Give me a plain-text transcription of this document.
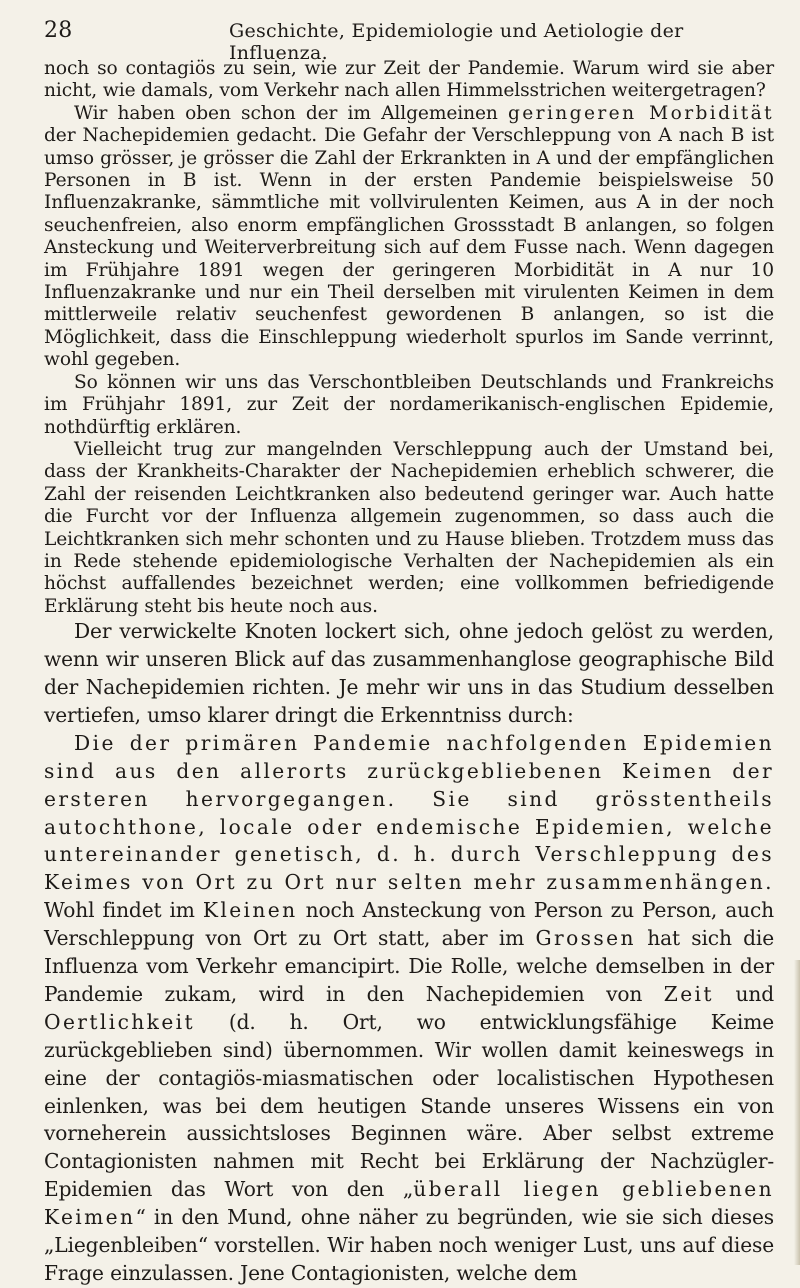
28	Geschichte, Epidemiologie und Aetiologie der Influenza.

noch so contagiös zu sein, wie zur Zeit der Pandemie. Warum wird sie aber nicht, wie damals, vom Verkehr nach allen Himmelsstrichen weitergetragen?

Wir haben oben schon der im Allgemeinen geringeren Morbidität der Nachepidemien gedacht. Die Gefahr der Verschleppung von A nach B ist umso grösser, je grösser die Zahl der Erkrankten in A und der empfänglichen Personen in B ist. Wenn in der ersten Pandemie beispielsweise 50 Influenzakranke, sämmtliche mit vollvirulenten Keimen, aus A in der noch seuchenfreien, also enorm empfänglichen Grossstadt B anlangen, so folgen Ansteckung und Weiterverbreitung sich auf dem Fusse nach. Wenn dagegen im Frühjahre 1891 wegen der geringeren Morbidität in A nur 10 Influenzakranke und nur ein Theil derselben mit virulenten Keimen in dem mittlerweile relativ seuchenfest gewordenen B anlangen, so ist die Möglichkeit, dass die Einschleppung wiederholt spurlos im Sande verrinnt, wohl gegeben.

So können wir uns das Verschontbleiben Deutschlands und Frankreichs im Frühjahr 1891, zur Zeit der nordamerikanisch-englischen Epidemie, nothdürftig erklären.

Vielleicht trug zur mangelnden Verschleppung auch der Umstand bei, dass der Krankheits-Charakter der Nachepidemien erheblich schwerer, die Zahl der reisenden Leichtkranken also bedeutend geringer war. Auch hatte die Furcht vor der Influenza allgemein zugenommen, so dass auch die Leichtkranken sich mehr schonten und zu Hause blieben. Trotzdem muss das in Rede stehende epidemiologische Verhalten der Nachepidemien als ein höchst auffallendes bezeichnet werden; eine vollkommen befriedigende Erklärung steht bis heute noch aus.

Der verwickelte Knoten lockert sich, ohne jedoch gelöst zu werden, wenn wir unseren Blick auf das zusammenhanglose geographische Bild der Nachepidemien richten. Je mehr wir uns in das Studium desselben vertiefen, umso klarer dringt die Erkenntniss durch:

Die der primären Pandemie nachfolgenden Epidemien sind aus den allerorts zurückgebliebenen Keimen der ersteren hervorgegangen. Sie sind grösstentheils autochthone, locale oder endemische Epidemien, welche untereinander genetisch, d. h. durch Verschleppung des Keimes von Ort zu Ort nur selten mehr zusammenhängen. Wohl findet im Kleinen noch Ansteckung von Person zu Person, auch Verschleppung von Ort zu Ort statt, aber im Grossen hat sich die Influenza vom Verkehr emancipirt. Die Rolle, welche demselben in der Pandemie zukam, wird in den Nachepidemien von Zeit und Oertlichkeit (d. h. Ort, wo entwicklungsfähige Keime zurückgeblieben sind) übernommen. Wir wollen damit keineswegs in eine der contagiös-miasmatischen oder localistischen Hypothesen einlenken, was bei dem heutigen Stande unseres Wissens ein von vorneherein aussichtsloses Beginnen wäre. Aber selbst extreme Contagionisten nahmen mit Recht bei Erklärung der Nachzügler-Epidemien das Wort von den „überall liegen gebliebenen Keimen“ in den Mund, ohne näher zu begründen, wie sie sich dieses „Liegenbleiben“ vorstellen. Wir haben noch weniger Lust, uns auf diese Frage einzulassen. Jene Contagionisten, welche dem
